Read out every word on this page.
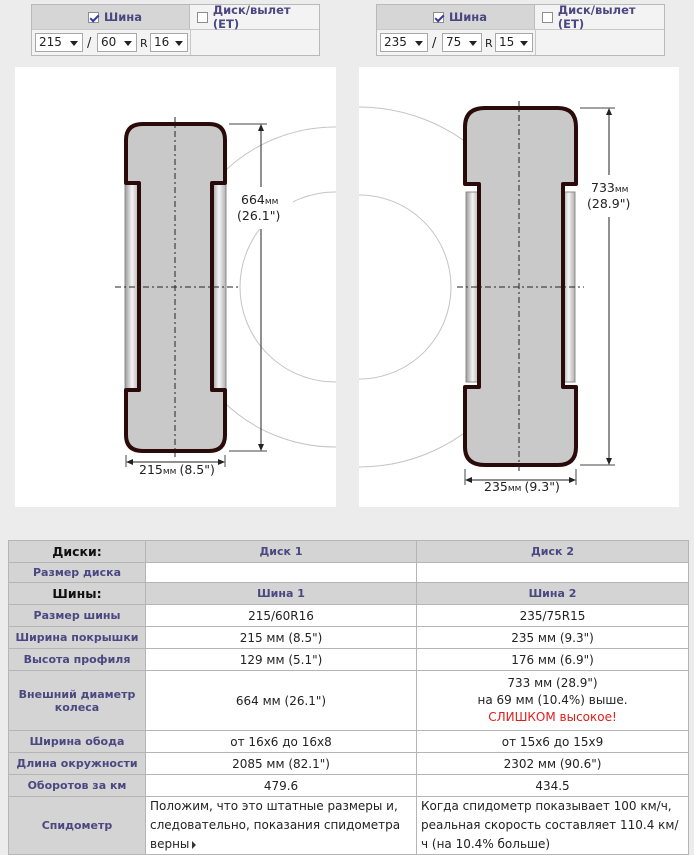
Шина	Диск/вылет (ET)
215	/ 60	R 16
Шина	Диск/вылет (ET)
235	/ 75	R 15
664мм
(26.1")
215мм (8.5")
733мм
(28.9")
235мм (9.3")
Диски:	Диск 1	Диск 2
Размер диска		
Шины:	Шина 1	Шина 2
Размер шины	215/60R16	235/75R15
Ширина покрышки	215 мм (8.5")	235 мм (9.3")
Высота профиля	129 мм (5.1")	176 мм (6.9")
Внешний диаметр колеса	664 мм (26.1")	733 мм (28.9")
на 69 мм (10.4%) выше.
СЛИШКОМ высокое!

Ширина обода	от 16x6 до 16x8	от 15x6 до 15x9
Длина окружности	2085 мм (82.1")	2302 мм (90.6")
Оборотов за км	479.6	434.5
Спидометр	Положим, что это штатные размеры и, следовательно, показания спидометра верны	Когда спидометр показывает 100 км/ч, реальная скорость составляет 110.4 км/ч (на 10.4% больше)
